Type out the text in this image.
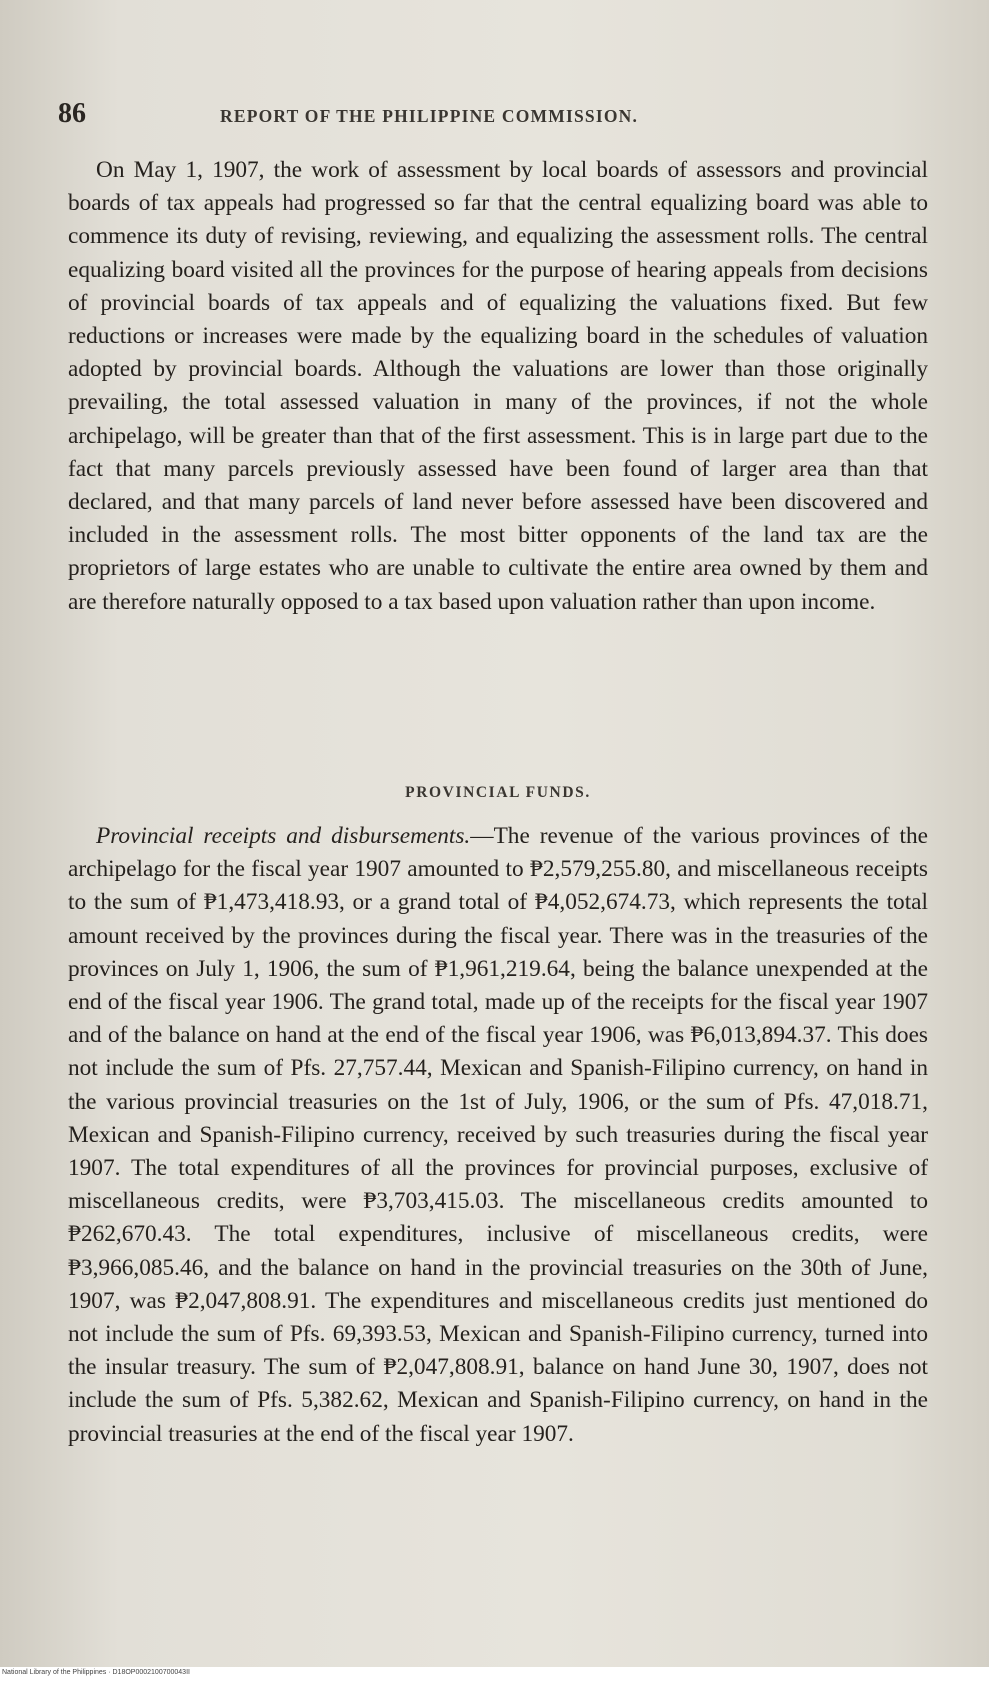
86	REPORT OF THE PHILIPPINE COMMISSION.

On May 1, 1907, the work of assessment by local boards of assessors and provincial boards of tax appeals had progressed so far that the central equalizing board was able to commence its duty of revising, reviewing, and equalizing the assessment rolls. The central equalizing board visited all the provinces for the purpose of hearing appeals from decisions of provincial boards of tax appeals and of equalizing the valuations fixed. But few reductions or increases were made by the equalizing board in the schedules of valuation adopted by provincial boards. Although the valuations are lower than those originally prevailing, the total assessed valuation in many of the provinces, if not the whole archipelago, will be greater than that of the first assessment. This is in large part due to the fact that many parcels previously assessed have been found of larger area than that declared, and that many parcels of land never before assessed have been discovered and included in the assessment rolls. The most bitter opponents of the land tax are the proprietors of large estates who are unable to cultivate the entire area owned by them and are therefore naturally opposed to a tax based upon valuation rather than upon income.

PROVINCIAL FUNDS.

Provincial receipts and disbursements.—The revenue of the various provinces of the archipelago for the fiscal year 1907 amounted to ₱2,579,255.80, and miscellaneous receipts to the sum of ₱1,473,418.93, or a grand total of ₱4,052,674.73, which represents the total amount received by the provinces during the fiscal year. There was in the treasuries of the provinces on July 1, 1906, the sum of ₱1,961,219.64, being the balance unexpended at the end of the fiscal year 1906. The grand total, made up of the receipts for the fiscal year 1907 and of the balance on hand at the end of the fiscal year 1906, was ₱6,013,894.37. This does not include the sum of Pfs. 27,757.44, Mexican and Spanish-Filipino currency, on hand in the various provincial treasuries on the 1st of July, 1906, or the sum of Pfs. 47,018.71, Mexican and Spanish-Filipino currency, received by such treasuries during the fiscal year 1907. The total expenditures of all the provinces for provincial purposes, exclusive of miscellaneous credits, were ₱3,703,415.03. The miscellaneous credits amounted to ₱262,670.43. The total expenditures, inclusive of miscellaneous credits, were ₱3,966,085.46, and the balance on hand in the provincial treasuries on the 30th of June, 1907, was ₱2,047,808.91. The expenditures and miscellaneous credits just mentioned do not include the sum of Pfs. 69,393.53, Mexican and Spanish-Filipino currency, turned into the insular treasury. The sum of ₱2,047,808.91, balance on hand June 30, 1907, does not include the sum of Pfs. 5,382.62, Mexican and Spanish-Filipino currency, on hand in the provincial treasuries at the end of the fiscal year 1907.

National Library of the Philippines · D18OP0002100700043II
